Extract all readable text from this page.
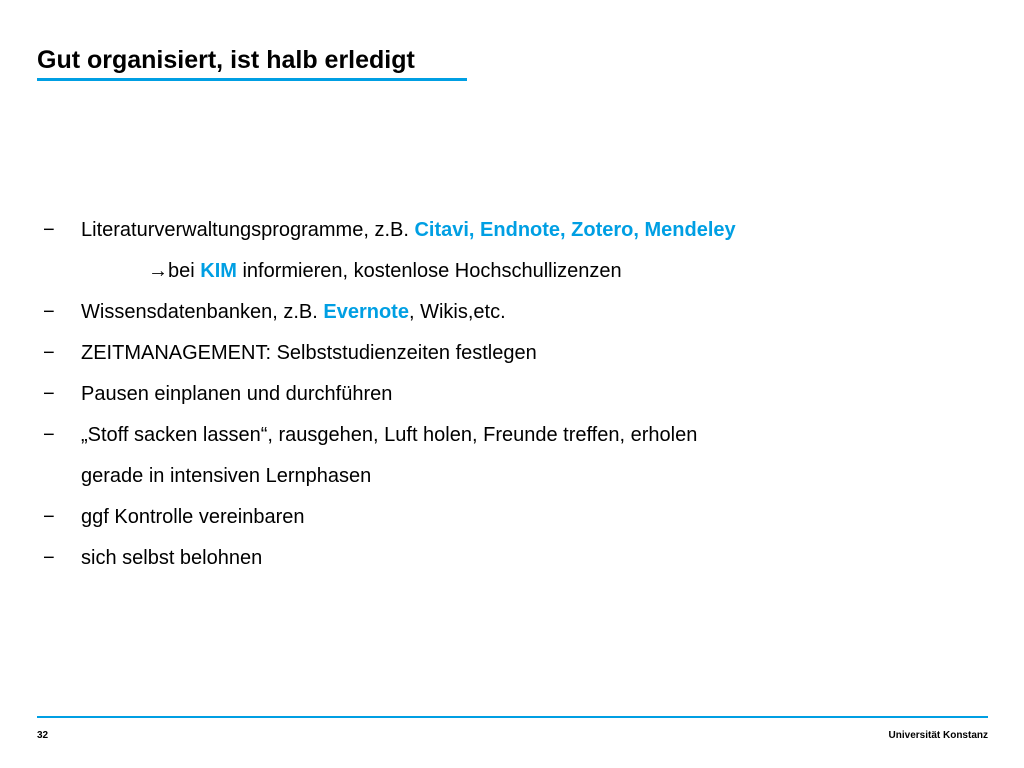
Gut organisiert, ist halb erledigt
− Literaturverwaltungsprogramme, z.B. Citavi, Endnote, Zotero, Mendeley
→bei KIM informieren, kostenlose Hochschullizenzen
− Wissensdatenbanken, z.B. Evernote, Wikis,etc.
− ZEITMANAGEMENT: Selbststudienzeiten festlegen
− Pausen einplanen und durchführen
− „Stoff sacken lassen“, rausgehen, Luft holen, Freunde treffen, erholen
gerade in intensiven Lernphasen
− ggf Kontrolle vereinbaren
− sich selbst belohnen
32	Universität Konstanz
